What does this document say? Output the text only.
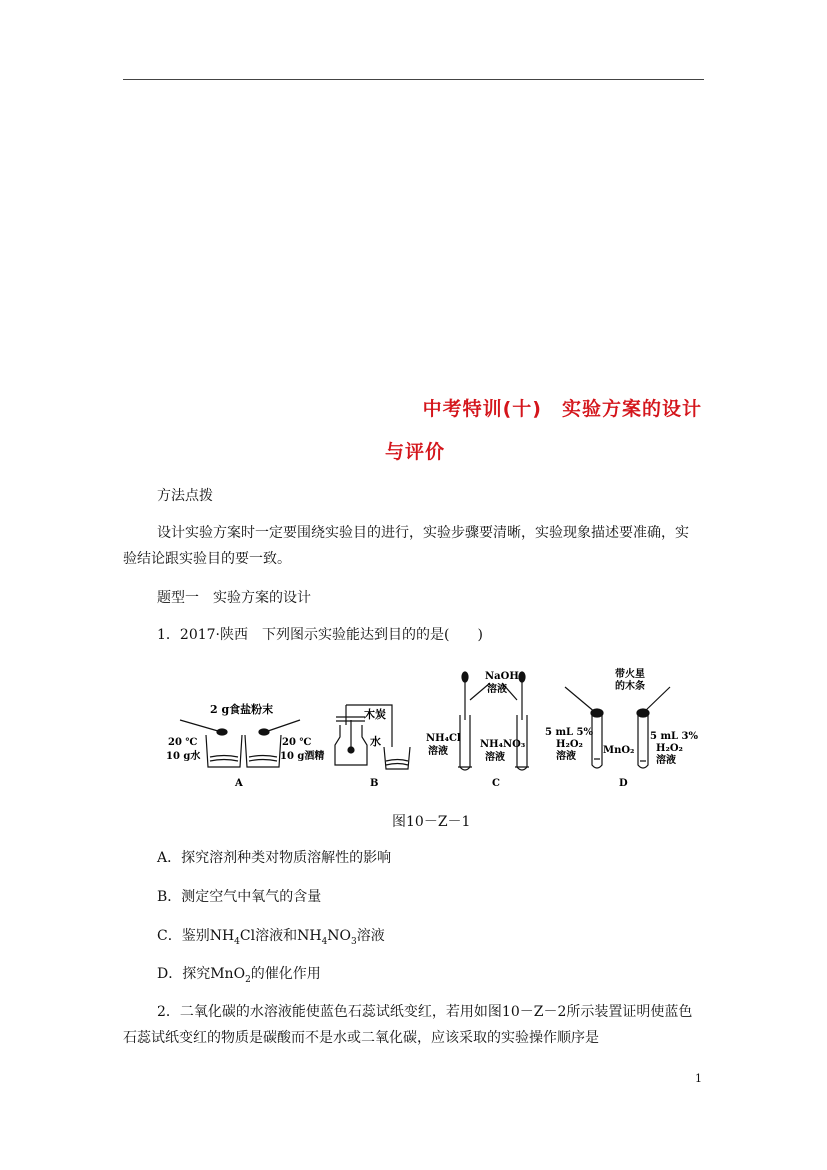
中考特训(十)　实验方案的设计
与评价
方法点拨
设计实验方案时一定要围绕实验目的进行，实验步骤要清晰，实验现象描述要准确，实
验结论跟实验目的要一致。
题型一　实验方案的设计
1．2017·陕西　下列图示实验能达到目的的是(　　)
2 g食盐粉末
20 ℃
10 g水
20 ℃
10 g酒精
A
木炭
水
B
NaOH
溶液
NH₄Cl
溶液
NH₄NO₃
溶液
C
带火星
的木条
5 mL 5%
H₂O₂
溶液
MnO₂
5 mL 3%
H₂O₂
溶液
D
图10－Z－1
A．探究溶剂种类对物质溶解性的影响
B．测定空气中氧气的含量
C．鉴别$NH_4Cl$溶液和$NH_4NO_3$溶液
D．探究MnO$_2$的催化作用
2．二氧化碳的水溶液能使蓝色石蕊试纸变红，若用如图10－Z－2所示装置证明使蓝色
石蕊试纸变红的物质是碳酸而不是水或二氧化碳，应该采取的实验操作顺序是
1
